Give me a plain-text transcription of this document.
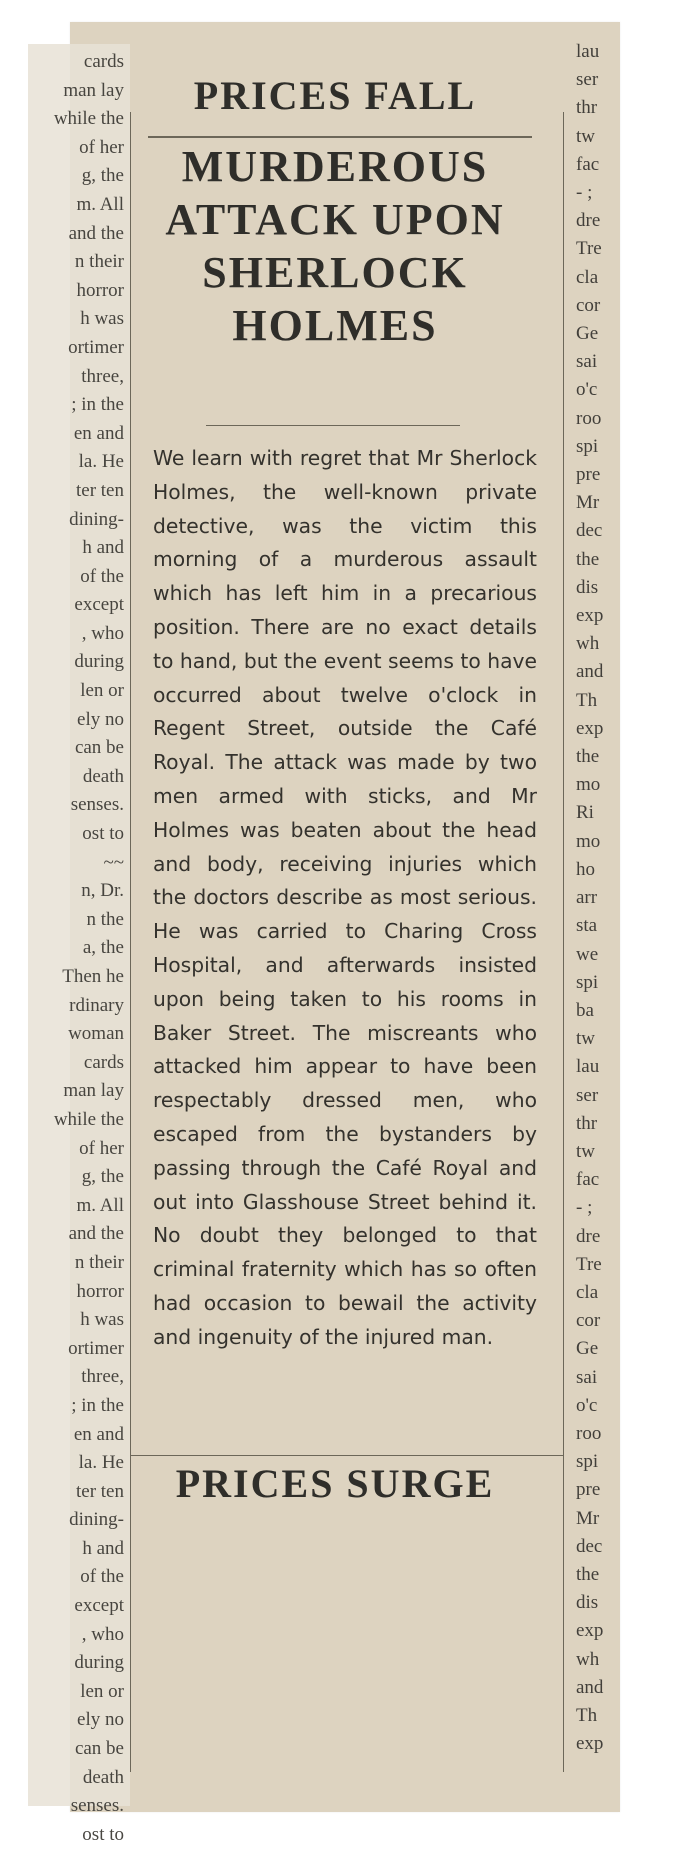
cards
man lay
while the
of her
g, the
m. All
and the
n their
horror
h was
ortimer
three,
; in the
en and
la. He
ter ten
dining-
h and
of the
except
, who
during
len or
ely no
can be
death
senses.
ost to
~~
n, Dr.
n the
a, the
Then he
rdinary
woman
cards
man lay
while the
of her
g, the
m. All
and the
n their
horror
h was
ortimer
three,
; in the
en and
la. He
ter ten
dining-
h and
of the
except
, who
during
len or
ely no
can be
death
senses.
ost to
lau
ser
thr
tw
fac
- ;
dre
Tre
cla
cor
Ge
sai
o'c
roo
spi
pre
Mr
dec
the
dis
exp
wh
and
Th
exp
the
mo
Ri
mo
ho
arr
sta
we
spi
ba
tw
lau
ser
thr
tw
fac
- ;
dre
Tre
cla
cor
Ge
sai
o'c
roo
spi
pre
Mr
dec
the
dis
exp
wh
and
Th
exp
PRICES FALL
MURDEROUS ATTACK UPON SHERLOCK HOLMES
We learn with regret that Mr Sherlock Holmes, the well-known private detective, was the victim this morning of a murderous assault which has left him in a precarious position. There are no exact details to hand, but the event seems to have occurred about twelve o'clock in Regent Street, outside the Café Royal. The attack was made by two men armed with sticks, and Mr Holmes was beaten about the head and body, receiving injuries which the doctors describe as most serious. He was carried to Charing Cross Hospital, and afterwards insisted upon being taken to his rooms in Baker Street. The miscreants who attacked him appear to have been respectably dressed men, who escaped from the bystanders by passing through the Café Royal and out into Glasshouse Street behind it. No doubt they belonged to that criminal fraternity which has so often had occasion to bewail the activity and ingenuity of the injured man.
PRICES SURGE
